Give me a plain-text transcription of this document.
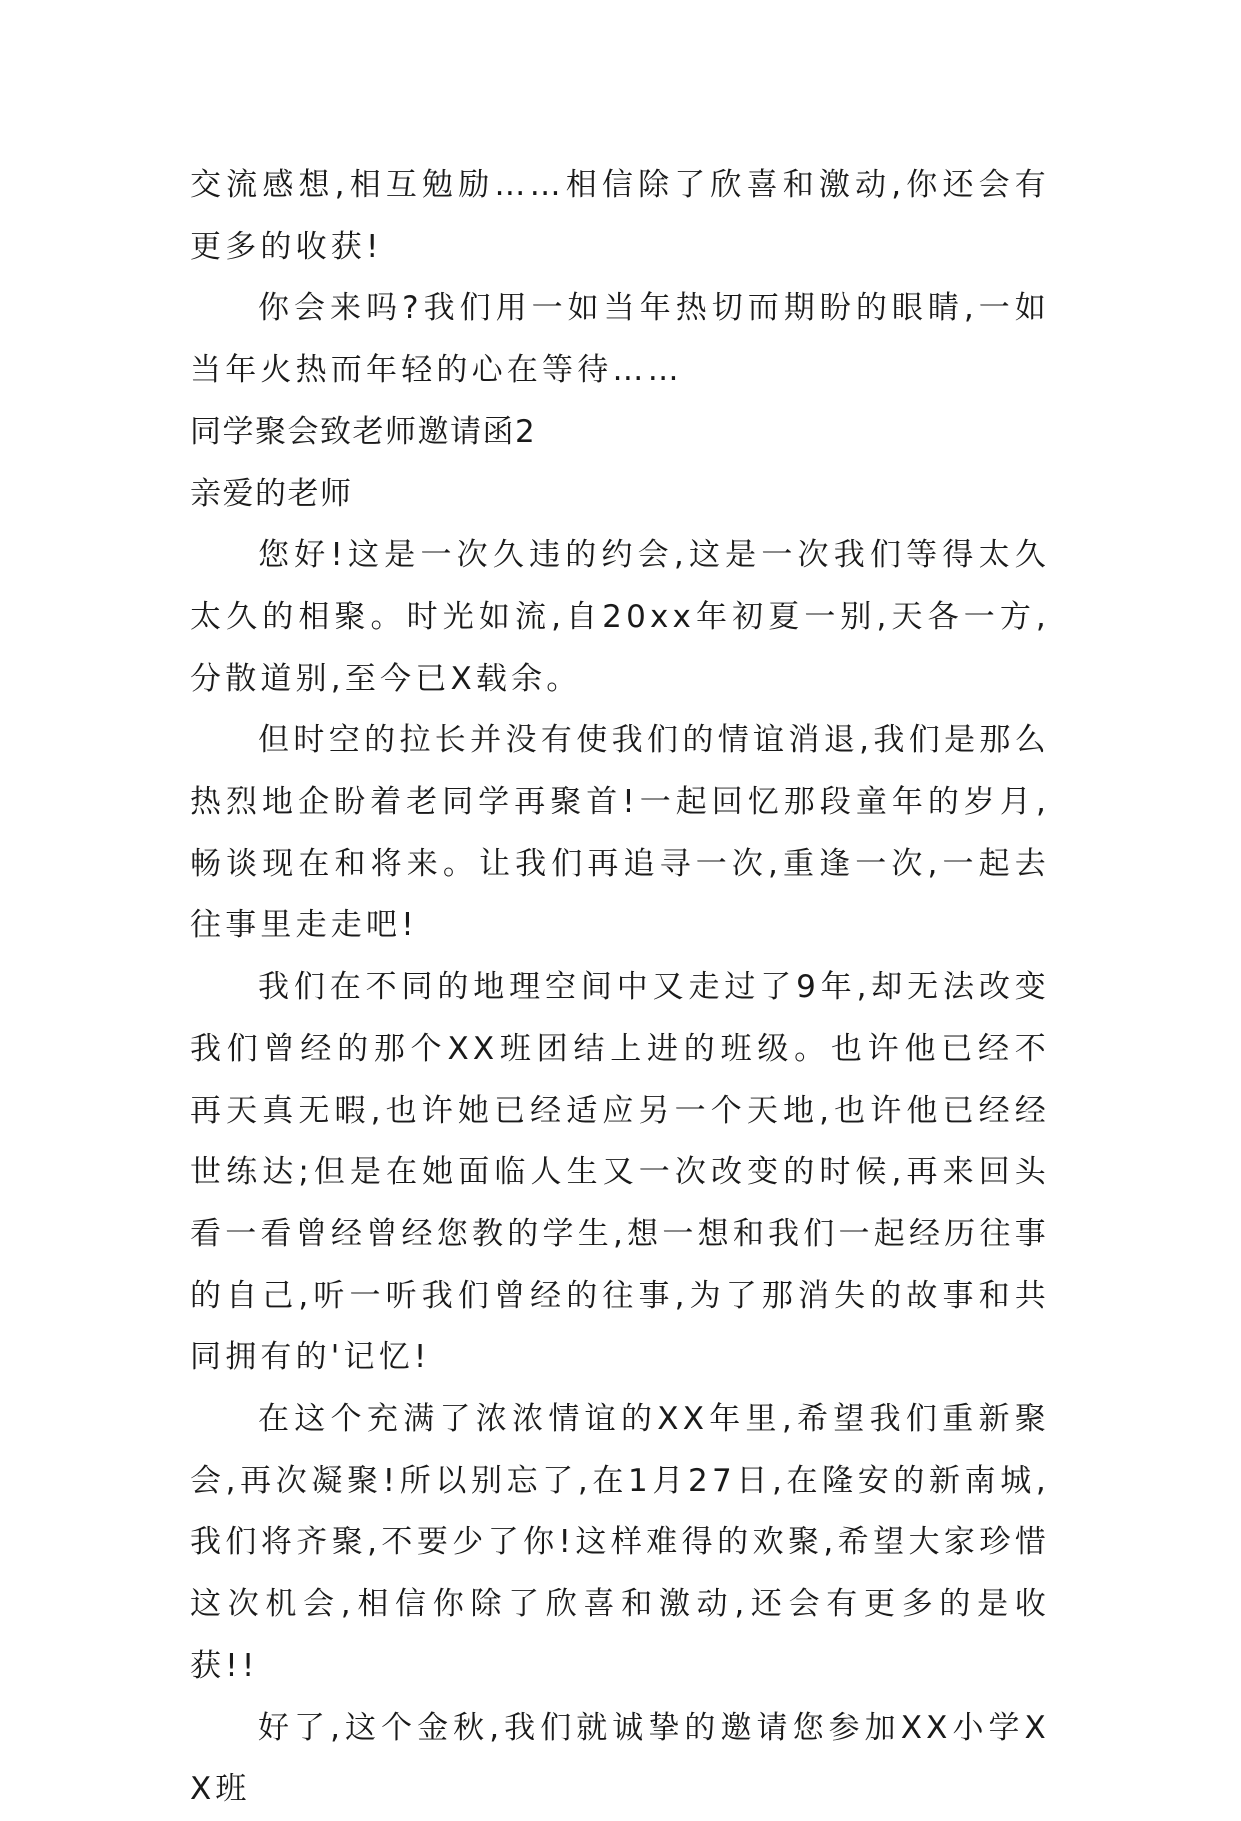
交流感想,相互勉励……相信除了欣喜和激动,你还会有更多的收获!

你会来吗?我们用一如当年热切而期盼的眼睛,一如当年火热而年轻的心在等待……

同学聚会致老师邀请函2

亲爱的老师

您好!这是一次久违的约会,这是一次我们等得太久太久的相聚。时光如流,自20xx年初夏一别,天各一方,分散道别,至今已X载余。

但时空的拉长并没有使我们的情谊消退,我们是那么热烈地企盼着老同学再聚首!一起回忆那段童年的岁月,畅谈现在和将来。让我们再追寻一次,重逢一次,一起去往事里走走吧!

我们在不同的地理空间中又走过了9年,却无法改变我们曾经的那个XX班团结上进的班级。也许他已经不再天真无暇,也许她已经适应另一个天地,也许他已经经世练达;但是在她面临人生又一次改变的时候,再来回头看一看曾经曾经您教的学生,想一想和我们一起经历往事的自己,听一听我们曾经的往事,为了那消失的故事和共同拥有的'记忆!

在这个充满了浓浓情谊的XX年里,希望我们重新聚会,再次凝聚!所以别忘了,在1月27日,在隆安的新南城,我们将齐聚,不要少了你!这样难得的欢聚,希望大家珍惜这次机会,相信你除了欣喜和激动,还会有更多的是收获!!

好了,这个金秋,我们就诚挚的邀请您参加XX小学XX班
